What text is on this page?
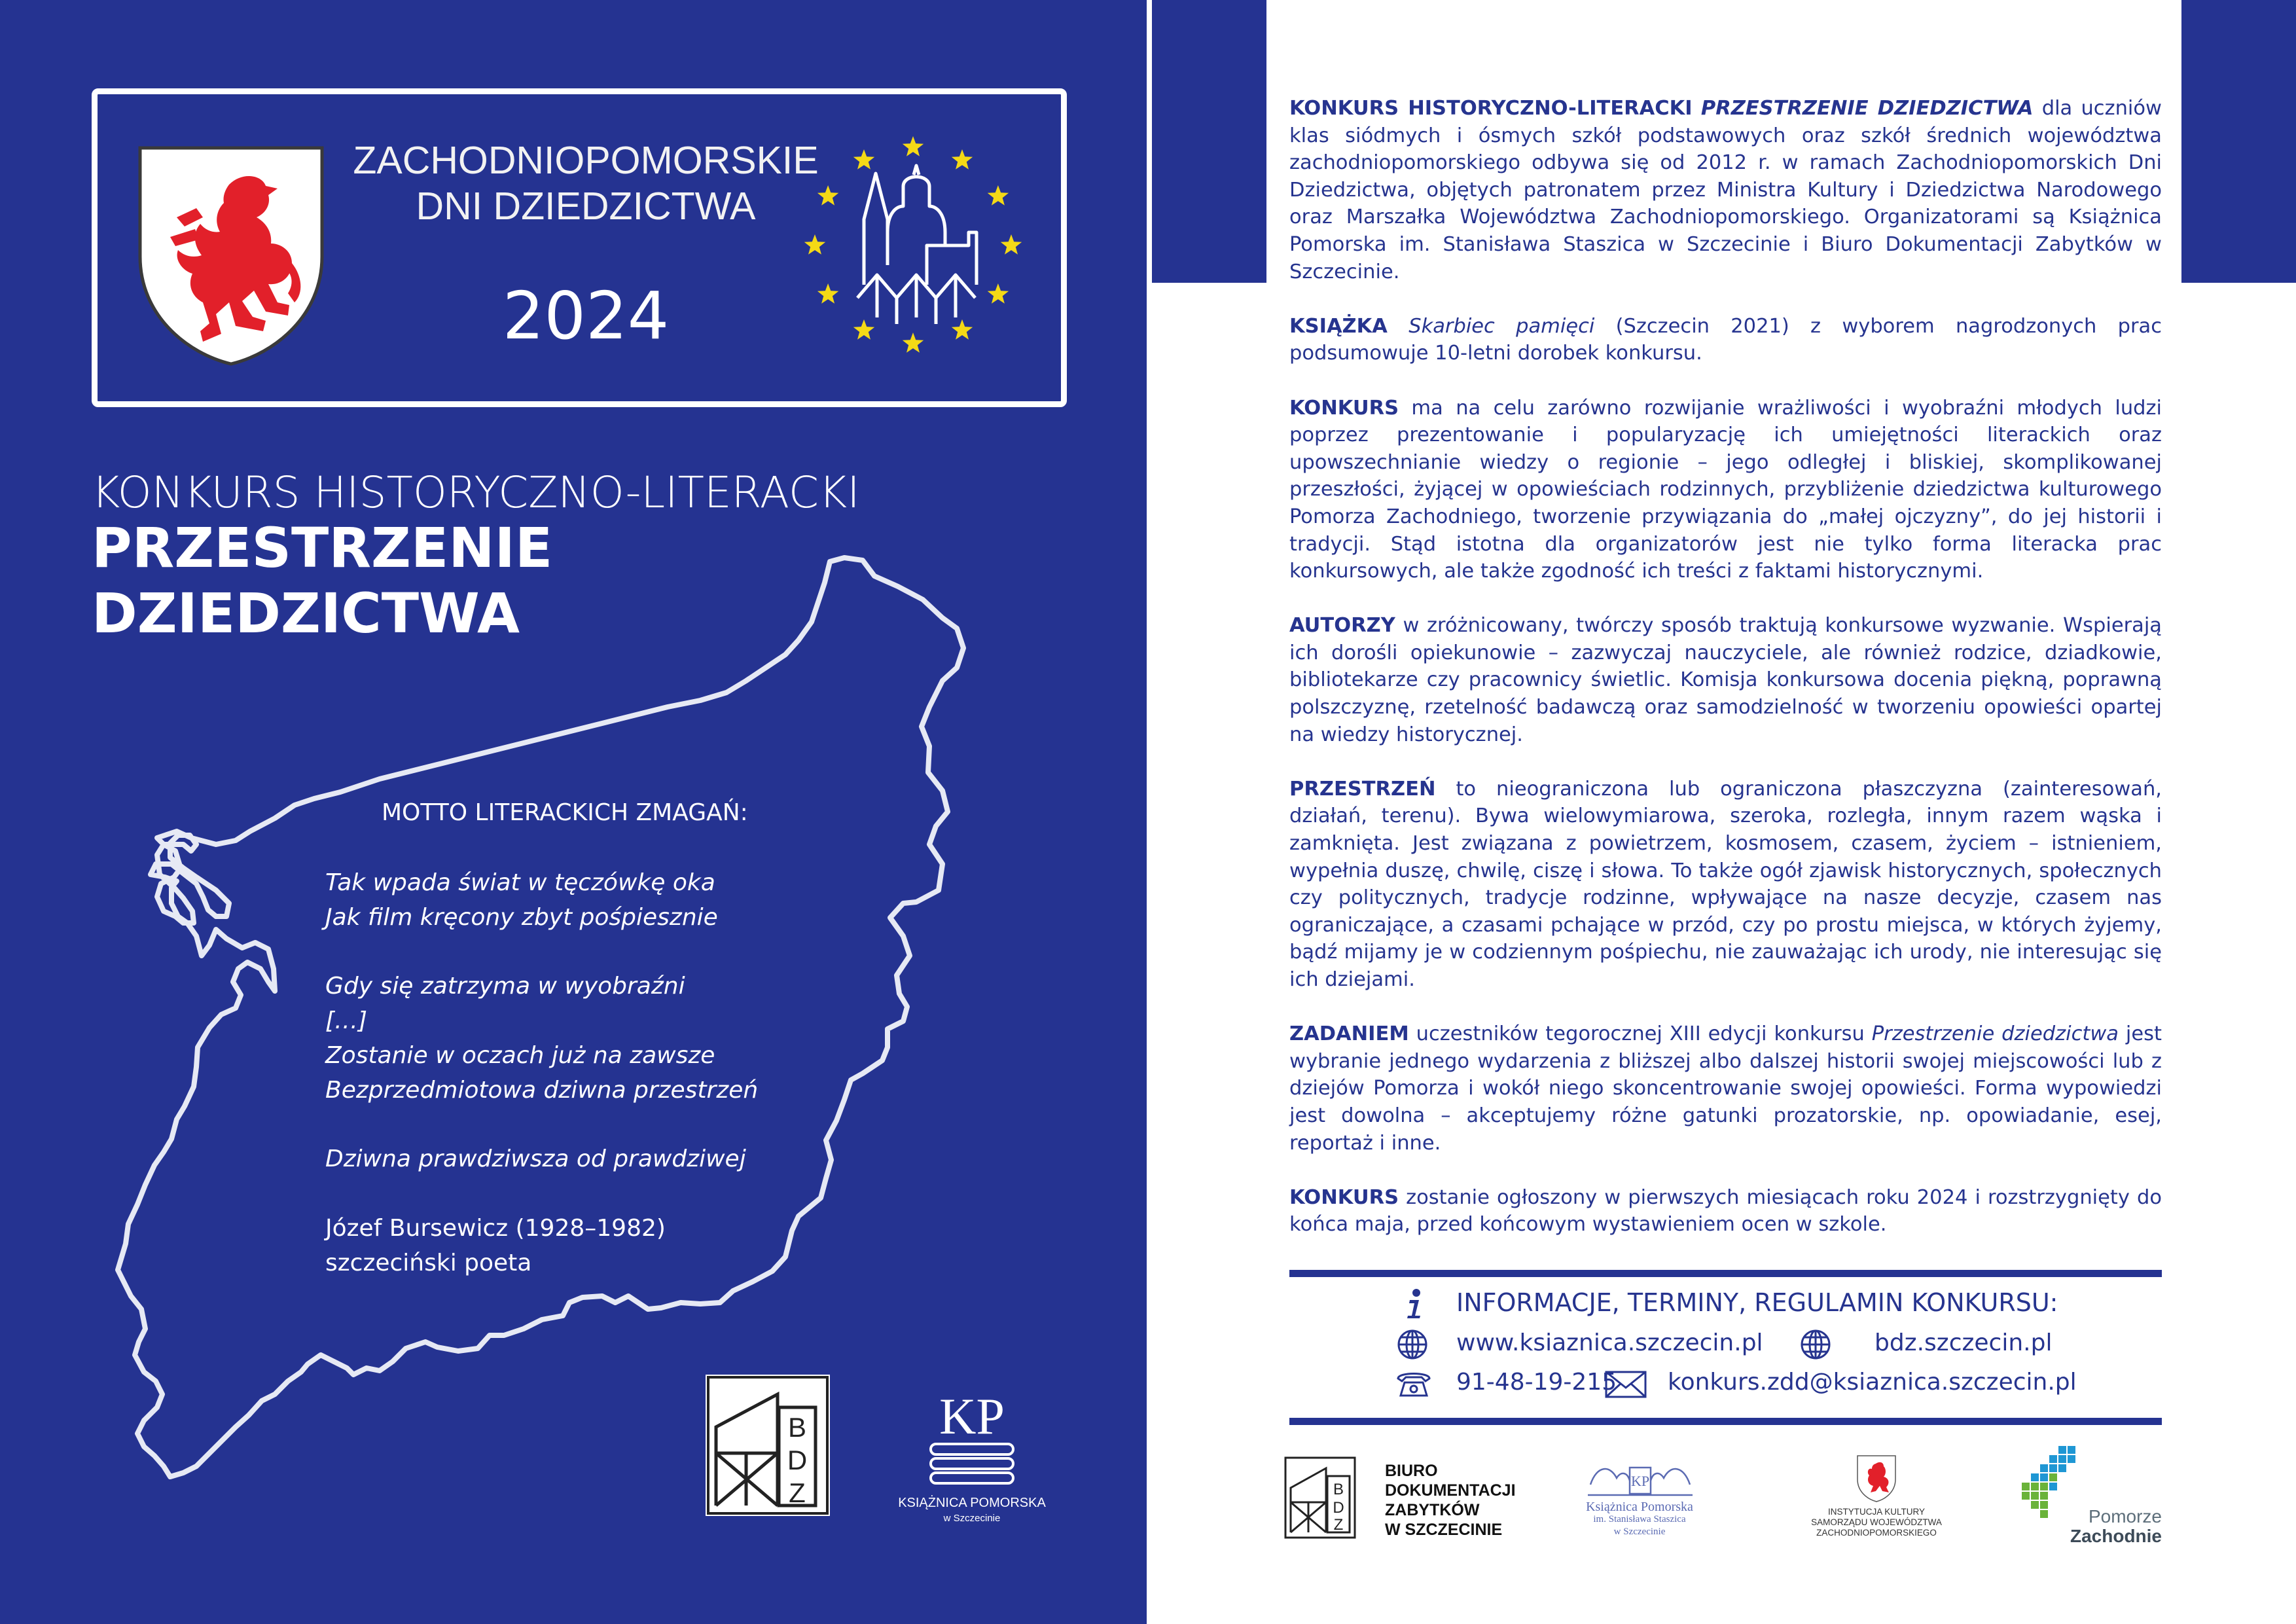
ZACHODNIOPOMORSKIE
DNI DZIEDZICTWA
2024
KONKURS HISTORYCZNO-LITERACKI
PRZESTRZENIE
DZIEDZICTWA
MOTTO LITERACKICH ZMAGAŃ:
Tak wpada świat w tęczówkę oka
Jak film kręcony zbyt pośpiesznie
Gdy się zatrzyma w wyobraźni
[…]
Zostanie w oczach już na zawsze
Bezprzedmiotowa dziwna przestrzeń
Dziwna prawdziwsza od prawdziwej
Józef Bursewicz (1928–1982)
szczeciński poeta
B
D
Z
KP
KSIĄŻNICA POMORSKA
w Szczecinie

KONKURS HISTORYCZNO-LITERACKI PRZESTRZENIE DZIEDZICTWA dla uczniów klas siódmych i ósmych szkół podstawowych oraz szkół średnich województwa zachodniopomorskiego odbywa się od 2012 r. w ramach Zachodniopomorskich Dni Dziedzictwa, objętych patronatem przez Ministra Kultury i Dziedzictwa Narodowego oraz Marszałka Województwa Zachodniopomorskiego. Organizatorami są Książnica Pomorska im. Stanisława Staszica w Szczecinie i Biuro Dokumentacji Zabytków w Szczecinie.

KSIĄŻKA Skarbiec pamięci (Szczecin 2021) z wyborem nagrodzonych prac podsumowuje 10-letni dorobek konkursu.

KONKURS ma na celu zarówno rozwijanie wrażliwości i wyobraźni młodych ludzi poprzez prezentowanie i popularyzację ich umiejętności literackich oraz upowszechnianie wiedzy o regionie – jego odległej i bliskiej, skomplikowanej przeszłości, żyjącej w opowieściach rodzinnych, przybliżenie dziedzictwa kulturowego Pomorza Zachodniego, tworzenie przywiązania do „małej ojczyzny”, do jej historii i tradycji. Stąd istotna dla organizatorów jest nie tylko forma literacka prac konkursowych, ale także zgodność ich treści z faktami historycznymi.

AUTORZY w zróżnicowany, twórczy sposób traktują konkursowe wyzwanie. Wspierają ich dorośli opiekunowie – zazwyczaj nauczyciele, ale również rodzice, dziadkowie, bibliotekarze czy pracownicy świetlic. Komisja konkursowa docenia piękną, poprawną polszczyznę, rzetelność badawczą oraz samodzielność w tworzeniu opowieści opartej na wiedzy historycznej.

PRZESTRZEŃ to nieograniczona lub ograniczona płaszczyzna (zainteresowań, działań, terenu). Bywa wielowymiarowa, szeroka, rozległa, innym razem wąska i zamknięta. Jest związana z powietrzem, kosmosem, czasem, życiem – istnieniem, wypełnia duszę, chwilę, ciszę i słowa. To także ogół zjawisk historycznych, społecznych czy politycznych, tradycje rodzinne, wpływające na nasze decyzje, czasem nas ograniczające, a czasami pchające w przód, czy po prostu miejsca, w których żyjemy, bądź mijamy je w codziennym pośpiechu, nie zauważając ich urody, nie interesując się ich dziejami.

ZADANIEM uczestników tegorocznej XIII edycji konkursu Przestrzenie dziedzictwa jest wybranie jednego wydarzenia z bliższej albo dalszej historii swojej miejscowości lub z dziejów Pomorza i wokół niego skoncentrowanie swojej opowieści. Forma wypowiedzi jest dowolna – akceptujemy różne gatunki prozatorskie, np. opowiadanie, esej, reportaż i inne.

KONKURS zostanie ogłoszony w pierwszych miesiącach roku 2024 i rozstrzygnięty do końca maja, przed końcowym wystawieniem ocen w szkole.

INFORMACJE, TERMINY, REGULAMIN KONKURSU:
www.ksiaznica.szczecin.pl	bdz.szczecin.pl
91-48-19-215 konkurs.zdd@ksiaznica.szczecin.pl
B
D
Z
BIURO
DOKUMENTACJI
ZABYTKÓW
W SZCZECINIE
KP
Książnica Pomorska
im. Stanisława Staszica
w Szczecinie
INSTYTUCJA KULTURY
SAMORZĄDU WOJEWÓDZTWA
ZACHODNIOPOMORSKIEGO
Pomorze
Zachodnie
